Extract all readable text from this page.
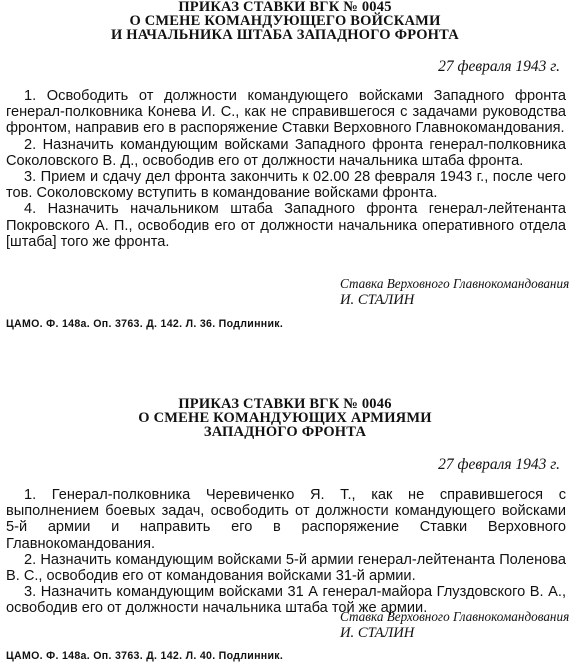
ПРИКАЗ СТАВКИ ВГК № 0045
О СМЕНЕ КОМАНДУЮЩЕГО ВОЙСКАМИ
И НАЧАЛЬНИКА ШТАБА ЗАПАДНОГО ФРОНТА
27 февраля 1943 г.

1. Освободить от должности командующего войсками Западного фронта генерал-полковника Конева И. С., как не справившегося с задачами руководства фронтом, направив его в распоряжение Ставки Верховного Главнокомандования.

2. Назначить командующим войсками Западного фронта генерал-полковника Соколовского В. Д., освободив его от должности начальника штаба фронта.

3. Прием и сдачу дел фронта закончить к 02.00 28 февраля 1943 г., после чего тов. Соколовскому вступить в командование войсками фронта.

4. Назначить начальником штаба Западного фронта генерал-лейтенанта Покровского А. П., освободив его от должности начальника оперативного отдела [штаба] того же фронта.

Ставка Верховного Главнокомандования
И. СТАЛИН
ЦАМО. Ф. 148а. Оп. 3763. Д. 142. Л. 36. Подлинник.
ПРИКАЗ СТАВКИ ВГК № 0046
О СМЕНЕ КОМАНДУЮЩИХ АРМИЯМИ
ЗАПАДНОГО ФРОНТА
27 февраля 1943 г.

1. Генерал-полковника Черевиченко Я. Т., как не справившегося с выполнением боевых задач, освободить от должности командующего войсками 5-й армии и направить его в распоряжение Ставки Верховного Главнокомандования.

2. Назначить командующим войсками 5-й армии генерал-лейтенанта Поленова В. С., освободив его от командования войсками 31-й армии.

3. Назначить командующим войсками 31 А генерал-майора Глуздовского В. А., освободив его от должности начальника штаба той же армии.

Ставка Верховного Главнокомандования
И. СТАЛИН
ЦАМО. Ф. 148а. Оп. 3763. Д. 142. Л. 40. Подлинник.
